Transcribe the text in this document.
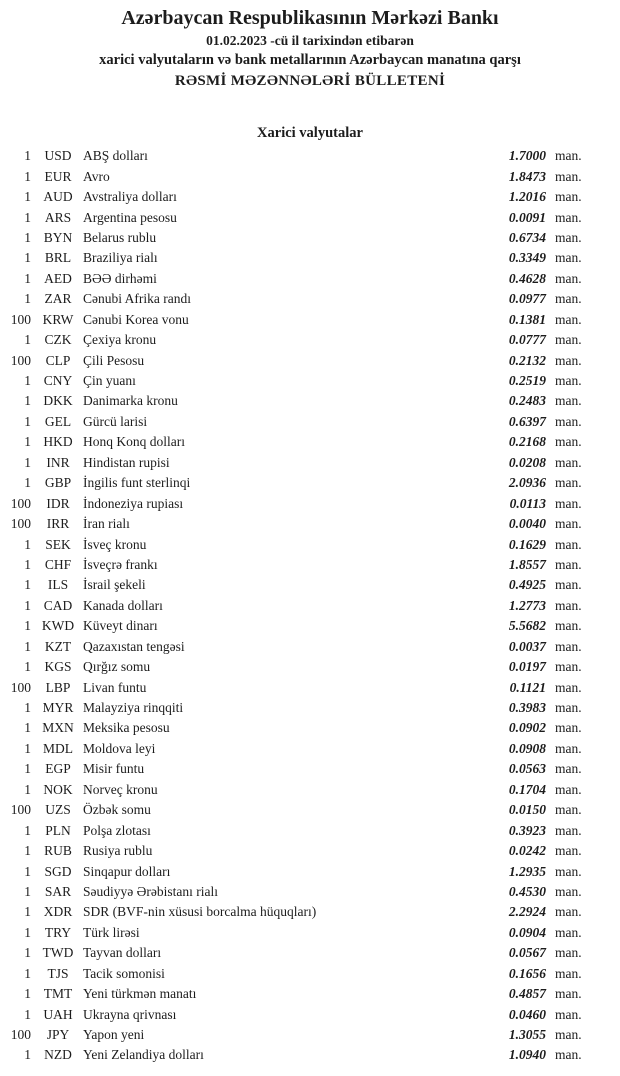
Azərbaycan Respublikasının Mərkəzi Bankı
01.02.2023 -cü il tarixindən etibarən
xarici valyutaların və bank metallarının Azərbaycan manatına qarşı
RƏSMİ MƏZƏNNƏLƏRİ BÜLLETENİ
Xarici valyutalar
1 USD ABŞ dolları	1.7000 man.
1	EUR Avro	1.8473 man.
1 AUD Avstraliya dolları	1.2016 man.
1	ARS Argentina pesosu	0.0091 man.
1 BYN Belarus rublu	0.6734 man.
1	BRL Braziliya rialı	0.3349 man.
1 AED BƏƏ dirhəmi	0.4628 man.
1	ZAR Cənubi Afrika randı	0.0977 man.
100 KRW Cənubi Korea vonu	0.1381 man.
1	CZK Çexiya kronu	0.0777 man.
100	CLP Çili Pesosu	0.2132 man.
1 CNY Çin yuanı	0.2519 man.
1 DKK Danimarka kronu	0.2483 man.
1	GEL Gürcü larisi	0.6397 man.
1 HKD Honq Konq dolları	0.2168 man.
1	INR Hindistan rupisi	0.0208 man.
1	GBP İngilis funt sterlinqi	2.0936 man.
100	IDR İndoneziya rupiası	0.0113 man.
100	IRR	İran rialı	0.0040 man.
1	SEK İsveç kronu	0.1629 man.
1	CHF İsveçrə frankı	1.8557 man.
1	ILS	İsrail şekeli	0.4925 man.
1 CAD Kanada dolları	1.2773 man.
1 KWD Küveyt dinarı	5.5682 man.
1	KZT Qazaxıstan tengəsi	0.0037 man.
1 KGS Qırğız somu	0.0197 man.
100	LBP Livan funtu	0.1121 man.
1 MYR Malayziya rinqqiti	0.3983 man.
1 MXN Meksika pesosu	0.0902 man.
1 MDL Moldova leyi	0.0908 man.
1	EGP Misir funtu	0.0563 man.
1 NOK Norveç kronu	0.1704 man.
100	UZS Özbək somu	0.0150 man.
1	PLN Polşa zlotası	0.3923 man.
1 RUB Rusiya rublu	0.0242 man.
1 SGD Sinqapur dolları	1.2935 man.
1	SAR Səudiyyə Ərəbistanı rialı	0.4530 man.
1 XDR SDR (BVF-nin xüsusi borcalma hüquqları)	2.2924 man.
1	TRY Türk lirəsi	0.0904 man.
1 TWD Tayvan dolları	0.0567 man.
1	TJS	Tacik somonisi	0.1656 man.
1 TMT Yeni türkmən manatı	0.4857 man.
1 UAH Ukrayna qrivnası	0.0460 man.
100	JPY	Yapon yeni	1.3055 man.
1 NZD Yeni Zelandiya dolları	1.0940 man.
